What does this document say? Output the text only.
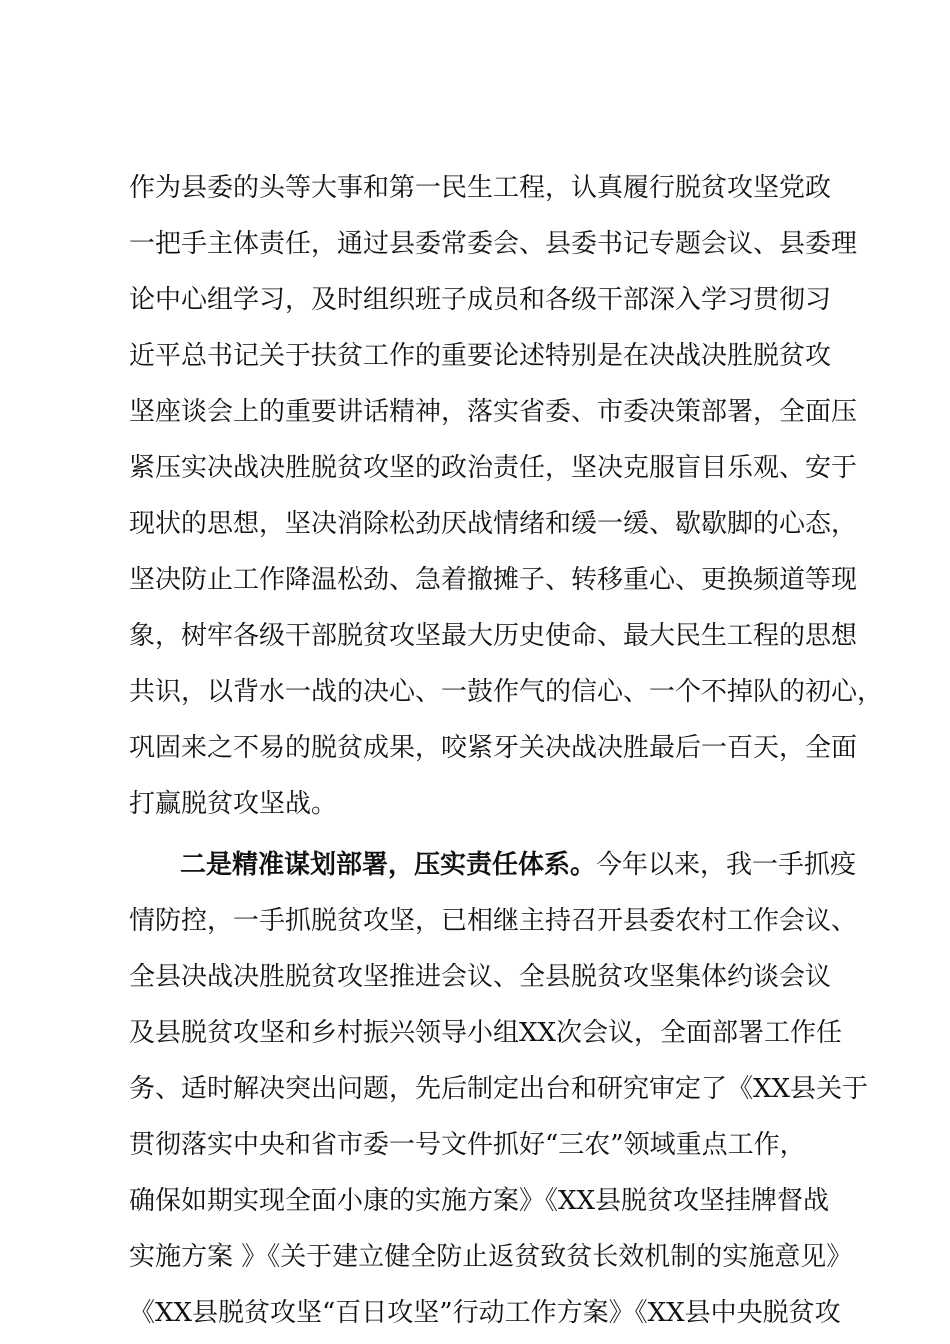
作为县委的头等大事和第一民生工程，认真履行脱贫攻坚党政
一把手主体责任，通过县委常委会、县委书记专题会议、县委理
论中心组学习，及时组织班子成员和各级干部深入学习贯彻习
近平总书记关于扶贫工作的重要论述特别是在决战决胜脱贫攻
坚座谈会上的重要讲话精神，落实省委、市委决策部署，全面压
紧压实决战决胜脱贫攻坚的政治责任，坚决克服盲目乐观、安于
现状的思想，坚决消除松劲厌战情绪和缓一缓、歇歇脚的心态，
坚决防止工作降温松劲、急着撤摊子、转移重心、更换频道等现
象，树牢各级干部脱贫攻坚最大历史使命、最大民生工程的思想
共识，以背水一战的决心、一鼓作气的信心、一个不掉队的初心，
巩固来之不易的脱贫成果，咬紧牙关决战决胜最后一百天，全面
打赢脱贫攻坚战。
二是精准谋划部署，压实责任体系。今年以来，我一手抓疫
情防控，一手抓脱贫攻坚，已相继主持召开县委农村工作会议、
全县决战决胜脱贫攻坚推进会议、全县脱贫攻坚集体约谈会议
及县脱贫攻坚和乡村振兴领导小组XX次会议，全面部署工作任
务、适时解决突出问题，先后制定出台和研究审定了《XX县关于
贯彻落实中央和省市委一号文件抓好“三农”领域重点工作，
确保如期实现全面小康的实施方案》《XX县脱贫攻坚挂牌督战
实施方案 》《关于建立健全防止返贫致贫长效机制的实施意见》
《XX县脱贫攻坚“百日攻坚”行动工作方案》《XX县中央脱贫攻
